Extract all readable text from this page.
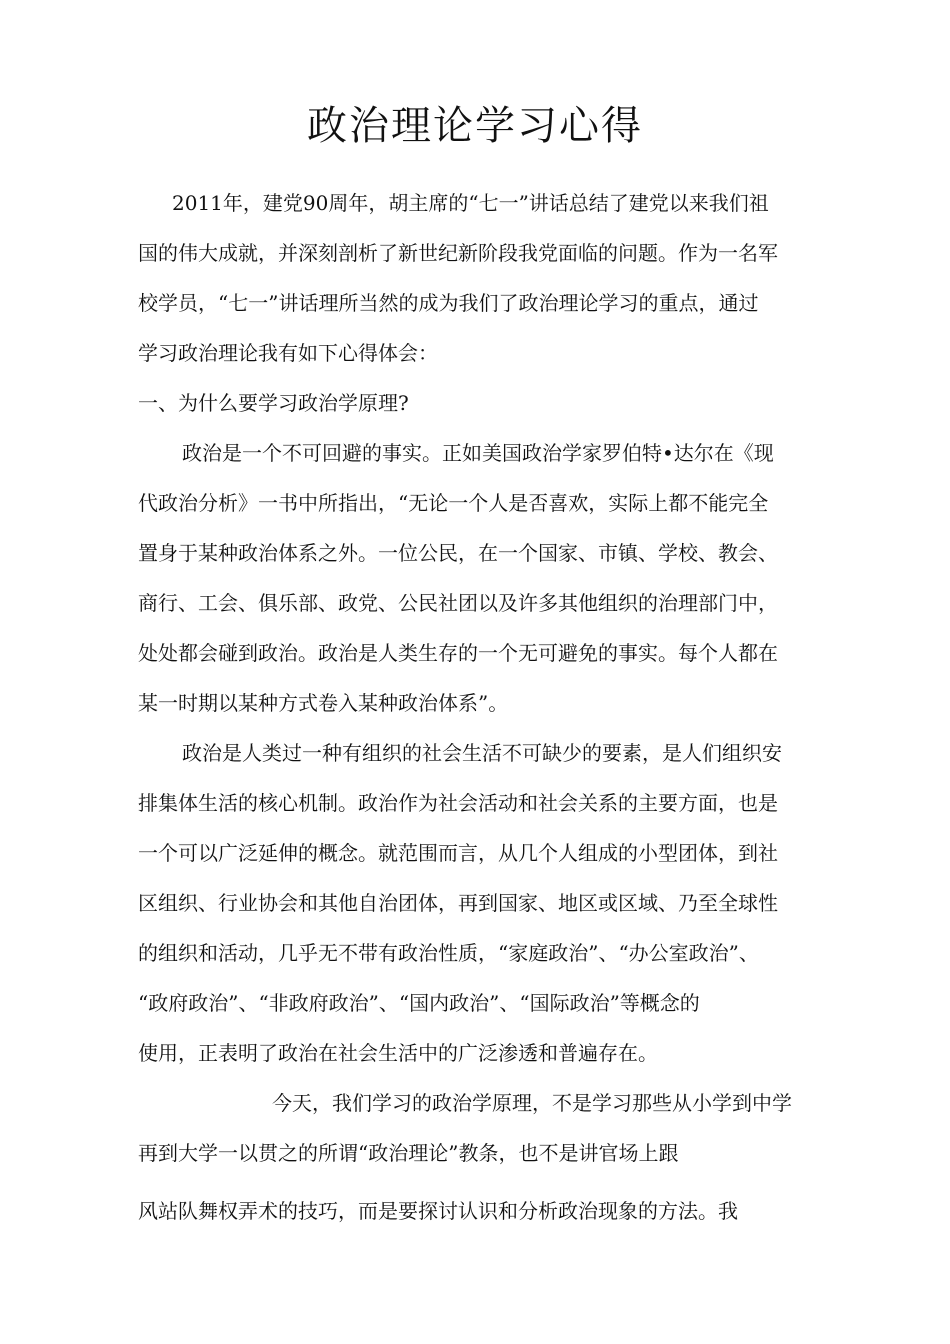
政治理论学习心得

2011年，建党90周年，胡主席的“七一”讲话总结了建党以来我们祖

国的伟大成就，并深刻剖析了新世纪新阶段我党面临的问题。作为一名军

校学员，“七一”讲话理所当然的成为我们了政治理论学习的重点，通过

学习政治理论我有如下心得体会：

一、为什么要学习政治学原理?

政治是一个不可回避的事实。正如美国政治学家罗伯特•达尔在《现

代政治分析》一书中所指出，“无论一个人是否喜欢，实际上都不能完全

置身于某种政治体系之外。一位公民，在一个国家、市镇、学校、教会、

商行、工会、俱乐部、政党、公民社团以及许多其他组织的治理部门中，

处处都会碰到政治。政治是人类生存的一个无可避免的事实。每个人都在

某一时期以某种方式卷入某种政治体系”。

政治是人类过一种有组织的社会生活不可缺少的要素，是人们组织安

排集体生活的核心机制。政治作为社会活动和社会关系的主要方面，也是

一个可以广泛延伸的概念。就范围而言，从几个人组成的小型团体，到社

区组织、行业协会和其他自治团体，再到国家、地区或区域、乃至全球性

的组织和活动，几乎无不带有政治性质，“家庭政治”、“办公室政治”、

“政府政治”、“非政府政治”、“国内政治”、“国际政治”等概念的

使用，正表明了政治在社会生活中的广泛渗透和普遍存在。

今天，我们学习的政治学原理，不是学习那些从小学到中学

再到大学一以贯之的所谓“政治理论”教条，也不是讲官场上跟

风站队舞权弄术的技巧，而是要探讨认识和分析政治现象的方法。我
